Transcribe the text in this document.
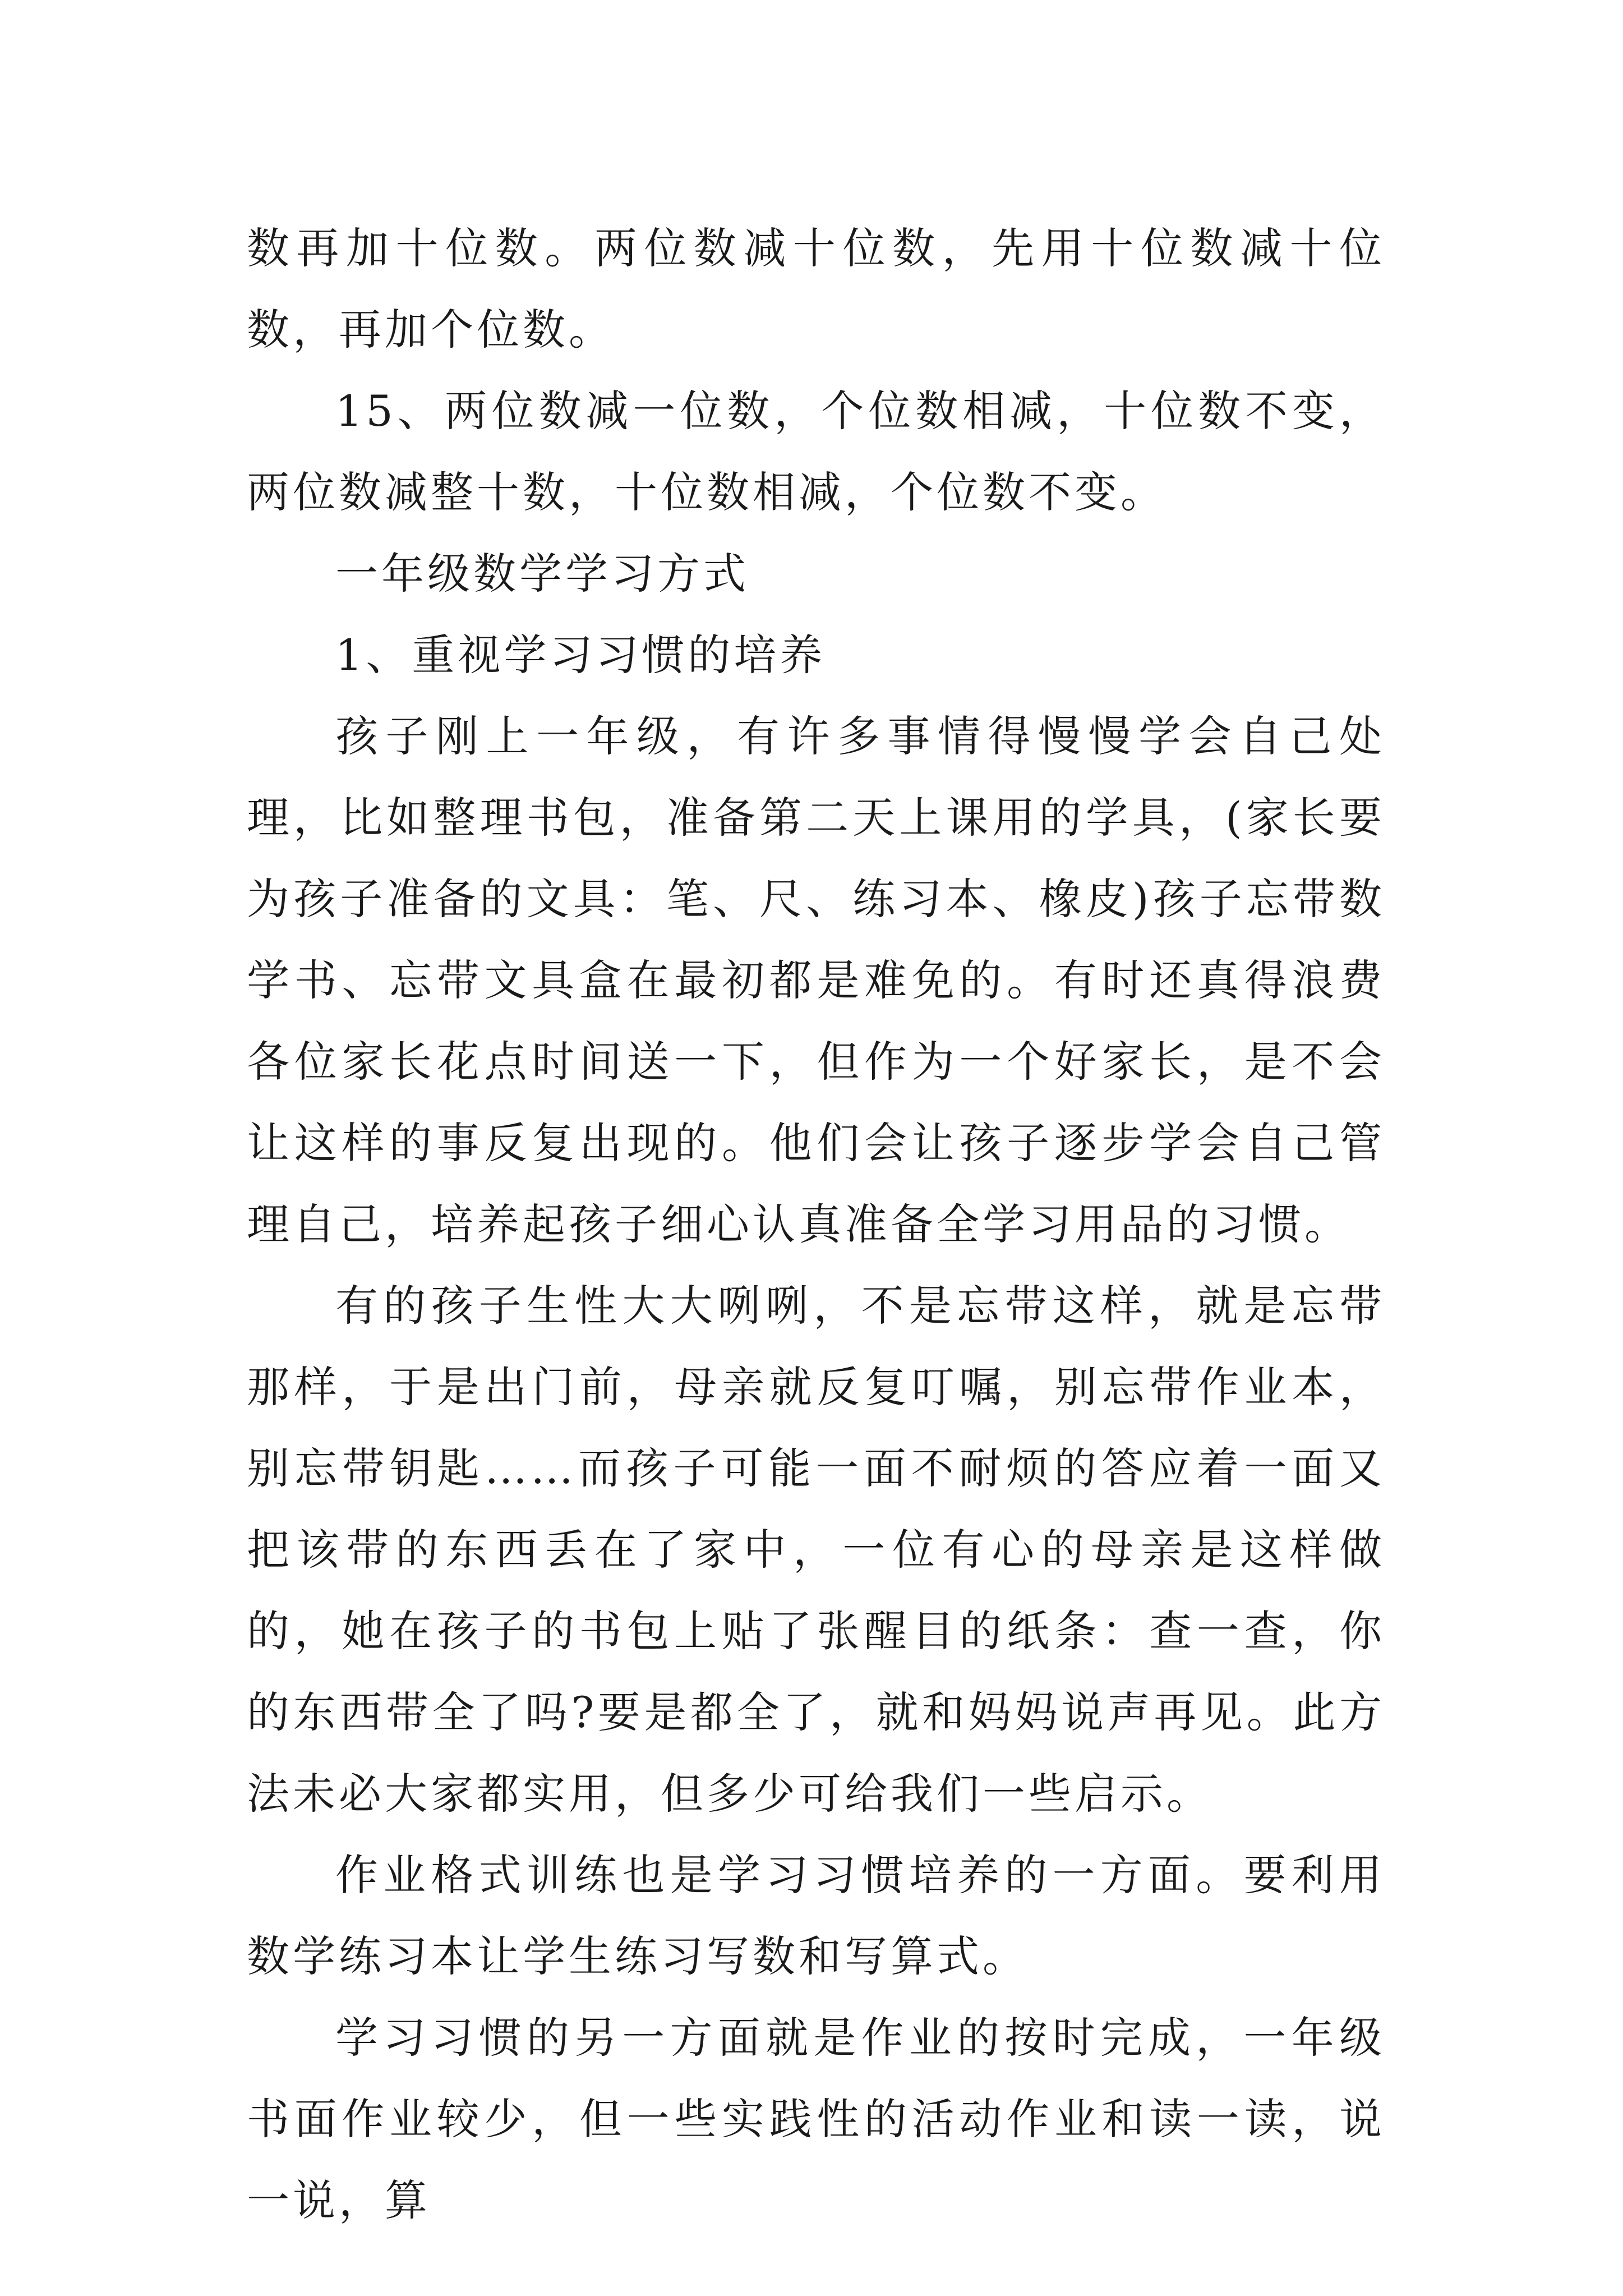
数再加十位数。两位数减十位数，先用十位数减十位数，再加个位数。

15、两位数减一位数，个位数相减，十位数不变，两位数减整十数，十位数相减，个位数不变。

一年级数学学习方式

1、重视学习习惯的培养

孩子刚上一年级，有许多事情得慢慢学会自己处理，比如整理书包，准备第二天上课用的学具，(家长要为孩子准备的文具：笔、尺、练习本、橡皮)孩子忘带数学书、忘带文具盒在最初都是难免的。有时还真得浪费各位家长花点时间送一下，但作为一个好家长，是不会让这样的事反复出现的。他们会让孩子逐步学会自己管理自己，培养起孩子细心认真准备全学习用品的习惯。

有的孩子生性大大咧咧，不是忘带这样，就是忘带那样，于是出门前，母亲就反复叮嘱，别忘带作业本，别忘带钥匙……而孩子可能一面不耐烦的答应着一面又把该带的东西丢在了家中，一位有心的母亲是这样做的，她在孩子的书包上贴了张醒目的纸条：查一查，你的东西带全了吗?要是都全了，就和妈妈说声再见。此方法未必大家都实用，但多少可给我们一些启示。

作业格式训练也是学习习惯培养的一方面。要利用数学练习本让学生练习写数和写算式。

学习习惯的另一方面就是作业的按时完成，一年级书面作业较少，但一些实践性的活动作业和读一读，说一说，算
